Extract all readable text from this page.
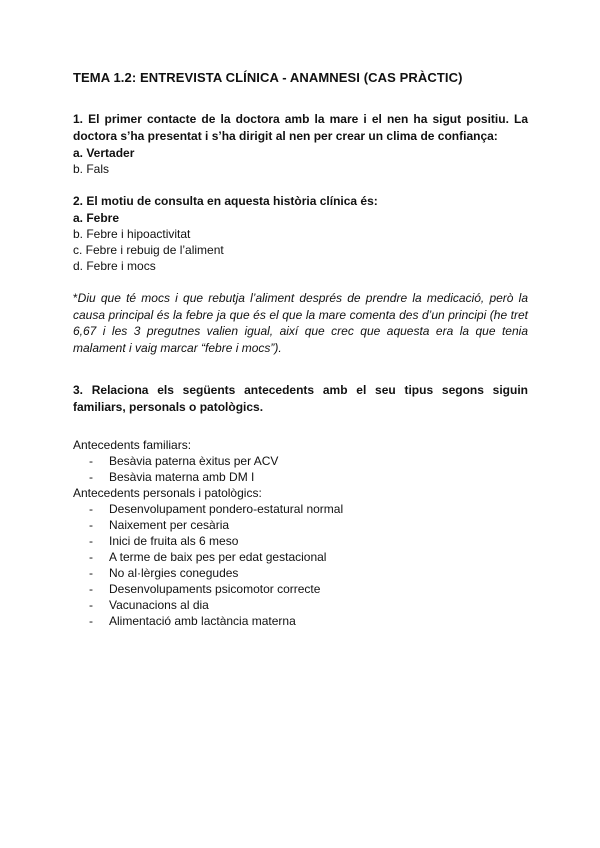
TEMA 1.2: ENTREVISTA CLÍNICA - ANAMNESI (CAS PRÀCTIC)

1. El primer contacte de la doctora amb la mare i el nen ha sigut positiu. La doctora s’ha presentat i s’ha dirigit al nen per crear un clima de confiança:

a. Vertader

b. Fals

2. El motiu de consulta en aquesta història clínica és:

a. Febre

b. Febre i hipoactivitat

c. Febre i rebuig de l’aliment

d. Febre i mocs

*Diu que té mocs i que rebutja l’aliment després de prendre la medicació, però la causa principal és la febre ja que és el que la mare comenta des d’un principi (he tret 6,67 i les 3 pregutnes valien igual, així que crec que aquesta era la que tenia malament i vaig marcar “febre i mocs”).

3. Relaciona els següents antecedents amb el seu tipus segons siguin familiars, personals o patològics.

Antecedents familiars:

- Besàvia paterna èxitus per ACV
- Besàvia materna amb DM I

Antecedents personals i patològics:

- Desenvolupament pondero-estatural normal
- Naixement per cesària
- Inici de fruita als 6 meso
- A terme de baix pes per edat gestacional
- No al·lèrgies conegudes
- Desenvolupaments psicomotor correcte
- Vacunacions al dia
- Alimentació amb lactància materna
